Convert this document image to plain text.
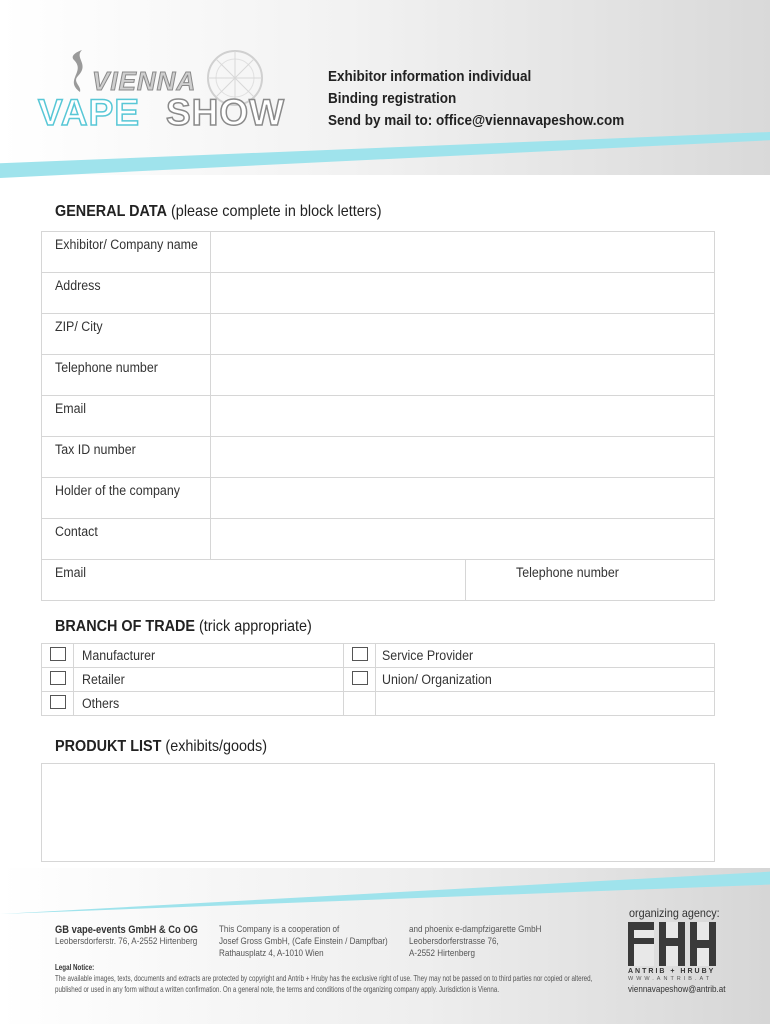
VIENNA
VAPE SHOW
Exhibitor information individual
Binding registration
Send by mail to: office@viennavapeshow.com
GENERAL DATA (please complete in block letters)
Exhibitor/ Company name		
Address		
ZIP/ City		
Telephone number		
Email		
Tax ID number		
Holder of the company		
Contact		
Email		Telephone number
BRANCH OF TRADE (trick appropriate)
	Manufacturer		Service Provider

	Retailer		Union/ Organization

	Others		
PRODUKT LIST (exhibits/goods)
GB vape-events GmbH & Co OG
Leobersdorferstr. 76, A-2552 Hirtenberg
This Company is a cooperation of
Josef Gross GmbH, (Cafe Einstein / Dampfbar)
Rathausplatz 4, A-1010 Wien
and phoenix e-dampfzigarette GmbH
Leobersdorferstrasse 76,
A-2552 Hirtenberg
Legal Notice:
The available images, texts, documents and extracts are protected by copyright and Antrib + Hruby has the exclusive right of use. They may not be passed on to third parties nor copied or altered,
published or used in any form without a written confirmation. On a general note, the terms and conditions of the organizing company apply. Jurisdiction is Vienna.
organizing agency:
ANTRIB + HRUBY
WWW.ANTRIB.AT
viennavapeshow@antrib.at
